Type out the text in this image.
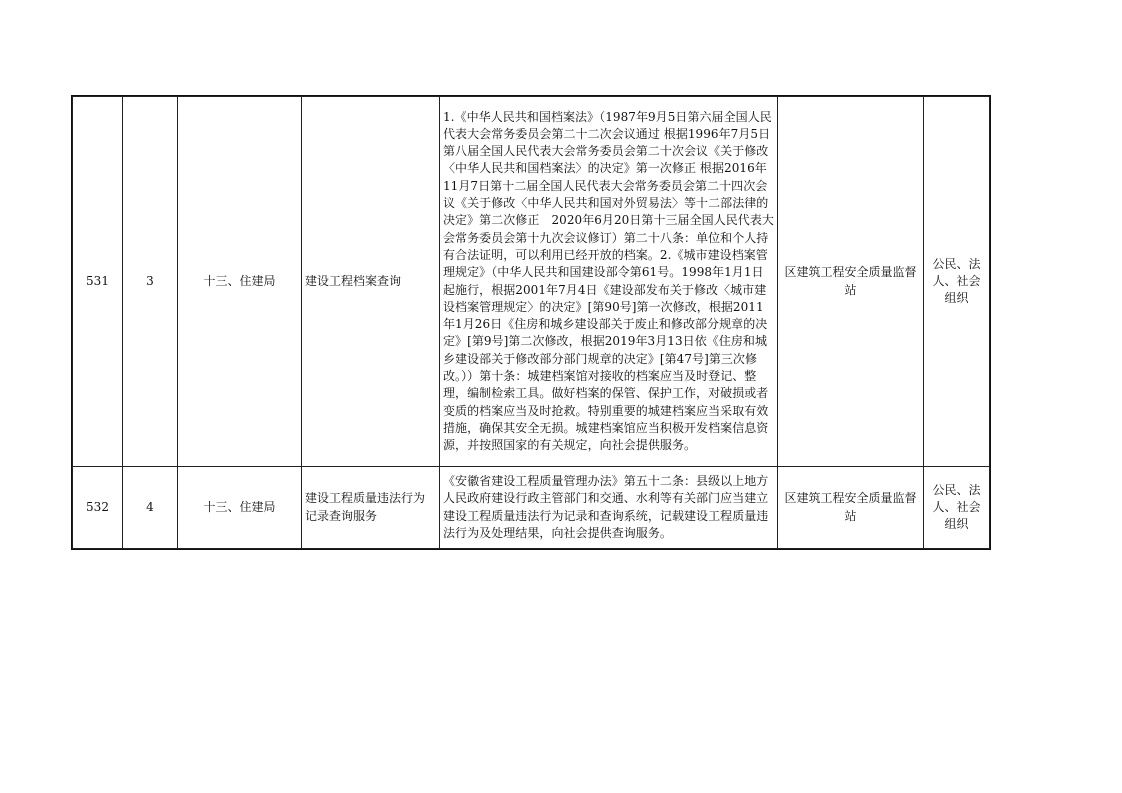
531	3	十三、住建局	建设工程档案查询	1.《中华人民共和国档案法》（1987年9月5日第六届全国人民代表大会常务委员会第二十二次会议通过 根据1996年7月5日第八届全国人民代表大会常务委员会第二十次会议《关于修改〈中华人民共和国档案法〉的决定》第一次修正 根据2016年11月7日第十二届全国人民代表大会常务委员会第二十四次会议《关于修改〈中华人民共和国对外贸易法〉等十二部法律的决定》第二次修正　2020年6月20日第十三届全国人民代表大会常务委员会第十九次会议修订）第二十八条：单位和个人持有合法证明，可以利用已经开放的档案。2.《城市建设档案管理规定》（中华人民共和国建设部令第61号。1998年1月1日起施行，根据2001年7月4日《建设部发布关于修改〈城市建设档案管理规定〉的决定》[第90号]第一次修改，根据2011年1月26日《住房和城乡建设部关于废止和修改部分规章的决定》[第9号]第二次修改，根据2019年3月13日依《住房和城乡建设部关于修改部分部门规章的决定》[第47号]第三次修改。））第十条：城建档案馆对接收的档案应当及时登记、整理，编制检索工具。做好档案的保管、保护工作，对破损或者变质的档案应当及时抢救。特别重要的城建档案应当采取有效措施，确保其安全无损。城建档案馆应当积极开发档案信息资源，并按照国家的有关规定，向社会提供服务。	区建筑工程安全质量监督站	公民、法人、社会组织
532	4	十三、住建局	建设工程质量违法行为记录查询服务	《安徽省建设工程质量管理办法》第五十二条：县级以上地方人民政府建设行政主管部门和交通、水利等有关部门应当建立建设工程质量违法行为记录和查询系统，记载建设工程质量违法行为及处理结果，向社会提供查询服务。	区建筑工程安全质量监督站	公民、法人、社会组织
